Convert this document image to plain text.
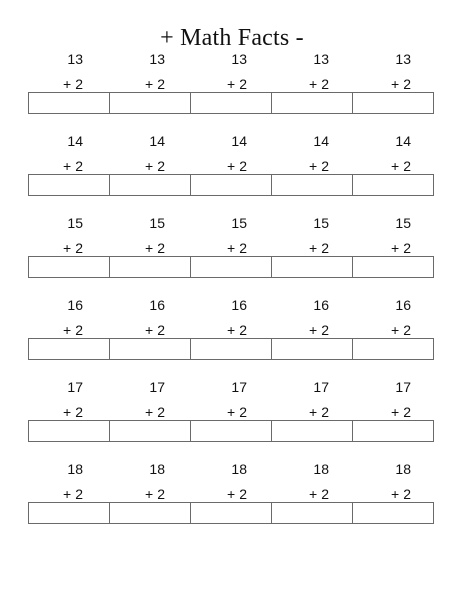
+ Math Facts -
13
+ 2
13
+ 2
13
+ 2
13
+ 2
13
+ 2
14
+ 2
14
+ 2
14
+ 2
14
+ 2
14
+ 2
15
+ 2
15
+ 2
15
+ 2
15
+ 2
15
+ 2
16
+ 2
16
+ 2
16
+ 2
16
+ 2
16
+ 2
17
+ 2
17
+ 2
17
+ 2
17
+ 2
17
+ 2
18
+ 2
18
+ 2
18
+ 2
18
+ 2
18
+ 2
